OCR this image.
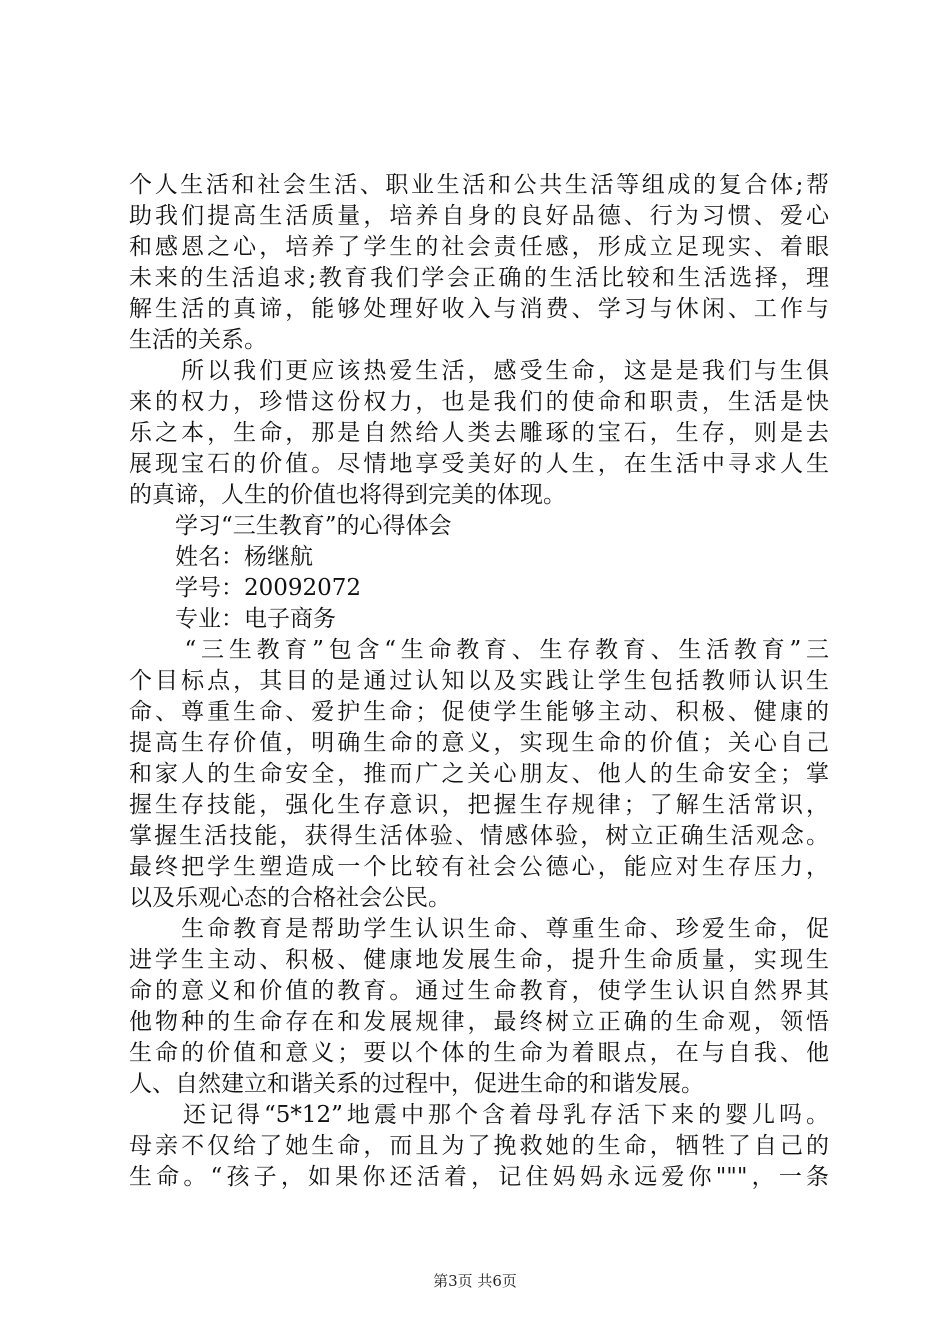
个人生活和社会生活、职业生活和公共生活等组成的复合体;帮

助我们提高生活质量，培养自身的良好品德、行为习惯、爱心

和感恩之心，培养了学生的社会责任感，形成立足现实、着眼

未来的生活追求;教育我们学会正确的生活比较和生活选择，理

解生活的真谛，能够处理好收入与消费、学习与休闲、工作与

生活的关系。

　　所以我们更应该热爱生活，感受生命，这是是我们与生俱

来的权力，珍惜这份权力，也是我们的使命和职责，生活是快

乐之本，生命，那是自然给人类去雕琢的宝石，生存，则是去

展现宝石的价值。尽情地享受美好的人生，在生活中寻求人生

的真谛，人生的价值也将得到完美的体现。

　　学习“三生教育”的心得体会

　　姓名：杨继航

　　学号：20092072

　　专业：电子商务

　　“三生教育”包含“生命教育、生存教育、生活教育”三

个目标点，其目的是通过认知以及实践让学生包括教师认识生

命、尊重生命、爱护生命；促使学生能够主动、积极、健康的

提高生存价值，明确生命的意义，实现生命的价值；关心自己

和家人的生命安全，推而广之关心朋友、他人的生命安全；掌

握生存技能，强化生存意识，把握生存规律；了解生活常识，

掌握生活技能，获得生活体验、情感体验，树立正确生活观念。

最终把学生塑造成一个比较有社会公德心，能应对生存压力，

以及乐观心态的合格社会公民。

　　生命教育是帮助学生认识生命、尊重生命、珍爱生命，促

进学生主动、积极、健康地发展生命，提升生命质量，实现生

命的意义和价值的教育。通过生命教育，使学生认识自然界其

他物种的生命存在和发展规律，最终树立正确的生命观，领悟

生命的价值和意义；要以个体的生命为着眼点，在与自我、他

人、自然建立和谐关系的过程中，促进生命的和谐发展。

　　还记得“5*12”地震中那个含着母乳存活下来的婴儿吗。

母亲不仅给了她生命，而且为了挽救她的生命，牺牲了自己的

生命。“孩子，如果你还活着，记住妈妈永远爱你"""，一条

第3页 共6页
